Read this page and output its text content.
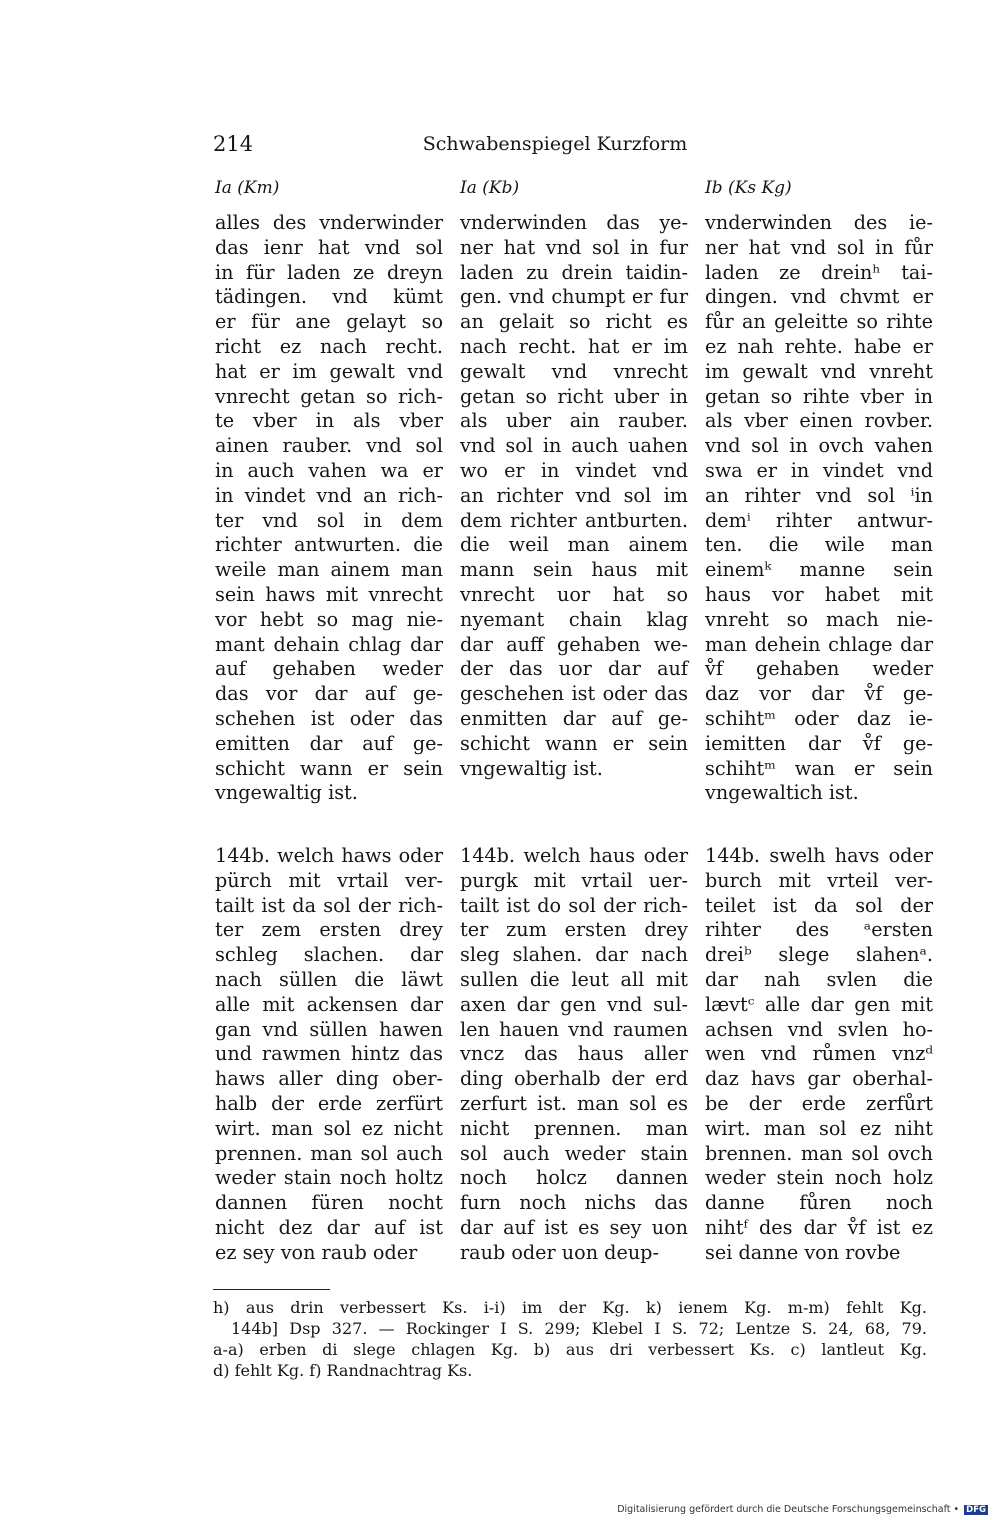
214	Schwabenspiegel Kurzform
Ia (Km)	Ia (Kb)	Ib (Ks Kg)
alles des vnderwinder
das ienr hat vnd sol
in für laden ze dreyn
tädingen. vnd kümt
er für ane gelayt so
richt ez nach recht.
hat er im gewalt vnd
vnrecht getan so rich-
te vber in als vber
ainen rauber. vnd sol
in auch vahen wa er
in vindet vnd an rich-
ter vnd sol in dem
richter antwurten. die
weile man ainem man
sein haws mit vnrecht
vor hebt so mag nie-
mant dehain chlag dar
auf gehaben weder
das vor dar auf ge-
schehen ist oder das
emitten dar auf ge-
schicht wann er sein
vngewaltig ist.
vnderwinden das ye-
ner hat vnd sol in fur
laden zu drein taidin-
gen. vnd chumpt er fur
an gelait so richt es
nach recht. hat er im
gewalt vnd vnrecht
getan so richt uber in
als uber ain rauber.
vnd sol in auch uahen
wo er in vindet vnd
an richter vnd sol im
dem richter antburten.
die weil man ainem
mann sein haus mit
vnrecht uor hat so
nyemant chain klag
dar auff gehaben we-
der das uor dar auf
geschehen ist oder das
enmitten dar auf ge-
schicht wann er sein
vngewaltig ist.
vnderwinden des ie-
ner hat vnd sol in fůr
laden ze dreinʰ tai-
dingen. vnd chvmt er
fůr an geleitte so rihte
ez nah rehte. habe er
im gewalt vnd vnreht
getan so rihte vber in
als vber einen rovber.
vnd sol in ovch vahen
swa er in vindet vnd
an rihter vnd sol ⁱin
demⁱ rihter antwur-
ten. die wile man
einemᵏ manne sein
haus vor habet mit
vnreht so mach nie-
man dehein chlage dar
v̊f gehaben weder
daz vor dar v̊f ge-
schihtᵐ oder daz ie-
iemitten dar v̊f ge-
schihtᵐ wan er sein
vngewaltich ist.
144b. welch haws oder
pürch mit vrtail ver-
tailt ist da sol der rich-
ter zem ersten drey
schleg slachen. dar
nach süllen die läwt
alle mit ackensen dar
gan vnd süllen hawen
und rawmen hintz das
haws aller ding ober-
halb der erde zerfürt
wirt. man sol ez nicht
prennen. man sol auch
weder stain noch holtz
dannen füren nocht
nicht dez dar auf ist
ez sey von raub oder
144b. welch haus oder
purgk mit vrtail uer-
tailt ist do sol der rich-
ter zum ersten drey
sleg slahen. dar nach
sullen die leut all mit
axen dar gen vnd sul-
len hauen vnd raumen
vncz das haus aller
ding oberhalb der erd
zerfurt ist. man sol es
nicht prennen. man
sol auch weder stain
noch holcz dannen
furn noch nichs das
dar auf ist es sey uon
raub oder uon deup-
144b. swelh havs oder
burch mit vrteil ver-
teilet ist da sol der
rihter des ᵃersten
dreiᵇ slege slahenᵃ.
dar nah svlen die
lævtᶜ alle dar gen mit
achsen vnd svlen ho-
wen vnd růmen vnzᵈ
daz havs gar oberhal-
be der erde zerfůrt
wirt. man sol ez niht
brennen. man sol ovch
weder stein noch holz
danne fůren noch
nihtᶠ des dar v̊f ist ez
sei danne von rovbe
h) aus drin verbessert Ks. i-i) im der Kg. k) ienem Kg. m-m) fehlt Kg.
144b] Dsp 327. — Rockinger I S. 299; Klebel I S. 72; Lentze S. 24, 68, 79.
a-a) erben di slege chlagen Kg. b) aus dri verbessert Ks. c) lantleut Kg.
d) fehlt Kg. f) Randnachtrag Ks.
Digitalisierung gefördert durch die Deutsche Forschungsgemeinschaft • DFG
